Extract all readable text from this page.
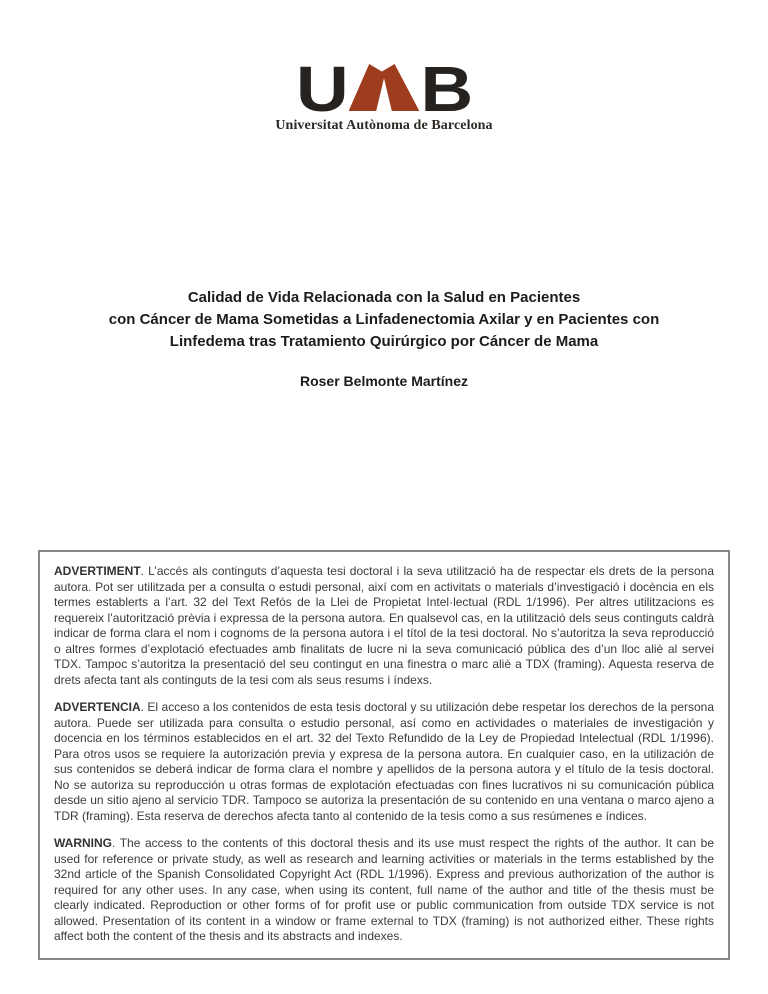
U B
Universitat Autònoma de Barcelona
Calidad de Vida Relacionada con la Salud en Pacientes
con Cáncer de Mama Sometidas a Linfadenectomia Axilar y en Pacientes con
Linfedema tras Tratamiento Quirúrgico por Cáncer de Mama
Roser Belmonte Martínez

ADVERTIMENT. L’accés als continguts d’aquesta tesi doctoral i la seva utilització ha de respectar els drets de la persona autora. Pot ser utilitzada per a consulta o estudi personal, així com en activitats o materials d’investigació i docència en els termes establerts a l’art. 32 del Text Refós de la Llei de Propietat Intel·lectual (RDL 1/1996). Per altres utilitzacions es requereix l’autorització prèvia i expressa de la persona autora. En qualsevol cas, en la utilització dels seus continguts caldrà indicar de forma clara el nom i cognoms de la persona autora i el títol de la tesi doctoral. No s’autoritza la seva reproducció o altres formes d’explotació efectuades amb finalitats de lucre ni la seva comunicació pública des d’un lloc aliè al servei TDX. Tampoc s’autoritza la presentació del seu contingut en una finestra o marc aliè a TDX (framing). Aquesta reserva de drets afecta tant als continguts de la tesi com als seus resums i índexs.

ADVERTENCIA. El acceso a los contenidos de esta tesis doctoral y su utilización debe respetar los derechos de la persona autora. Puede ser utilizada para consulta o estudio personal, así como en actividades o materiales de investigación y docencia en los términos establecidos en el art. 32 del Texto Refundido de la Ley de Propiedad Intelectual (RDL 1/1996). Para otros usos se requiere la autorización previa y expresa de la persona autora. En cualquier caso, en la utilización de sus contenidos se deberá indicar de forma clara el nombre y apellidos de la persona autora y el título de la tesis doctoral. No se autoriza su reproducción u otras formas de explotación efectuadas con fines lucrativos ni su comunicación pública desde un sitio ajeno al servicio TDR. Tampoco se autoriza la presentación de su contenido en una ventana o marco ajeno a TDR (framing). Esta reserva de derechos afecta tanto al contenido de la tesis como a sus resúmenes e índices.

WARNING. The access to the contents of this doctoral thesis and its use must respect the rights of the author. It can be used for reference or private study, as well as research and learning activities or materials in the terms established by the 32nd article of the Spanish Consolidated Copyright Act (RDL 1/1996). Express and previous authorization of the author is required for any other uses. In any case, when using its content, full name of the author and title of the thesis must be clearly indicated. Reproduction or other forms of for profit use or public communication from outside TDX service is not allowed. Presentation of its content in a window or frame external to TDX (framing) is not authorized either. These rights affect both the content of the thesis and its abstracts and indexes.
